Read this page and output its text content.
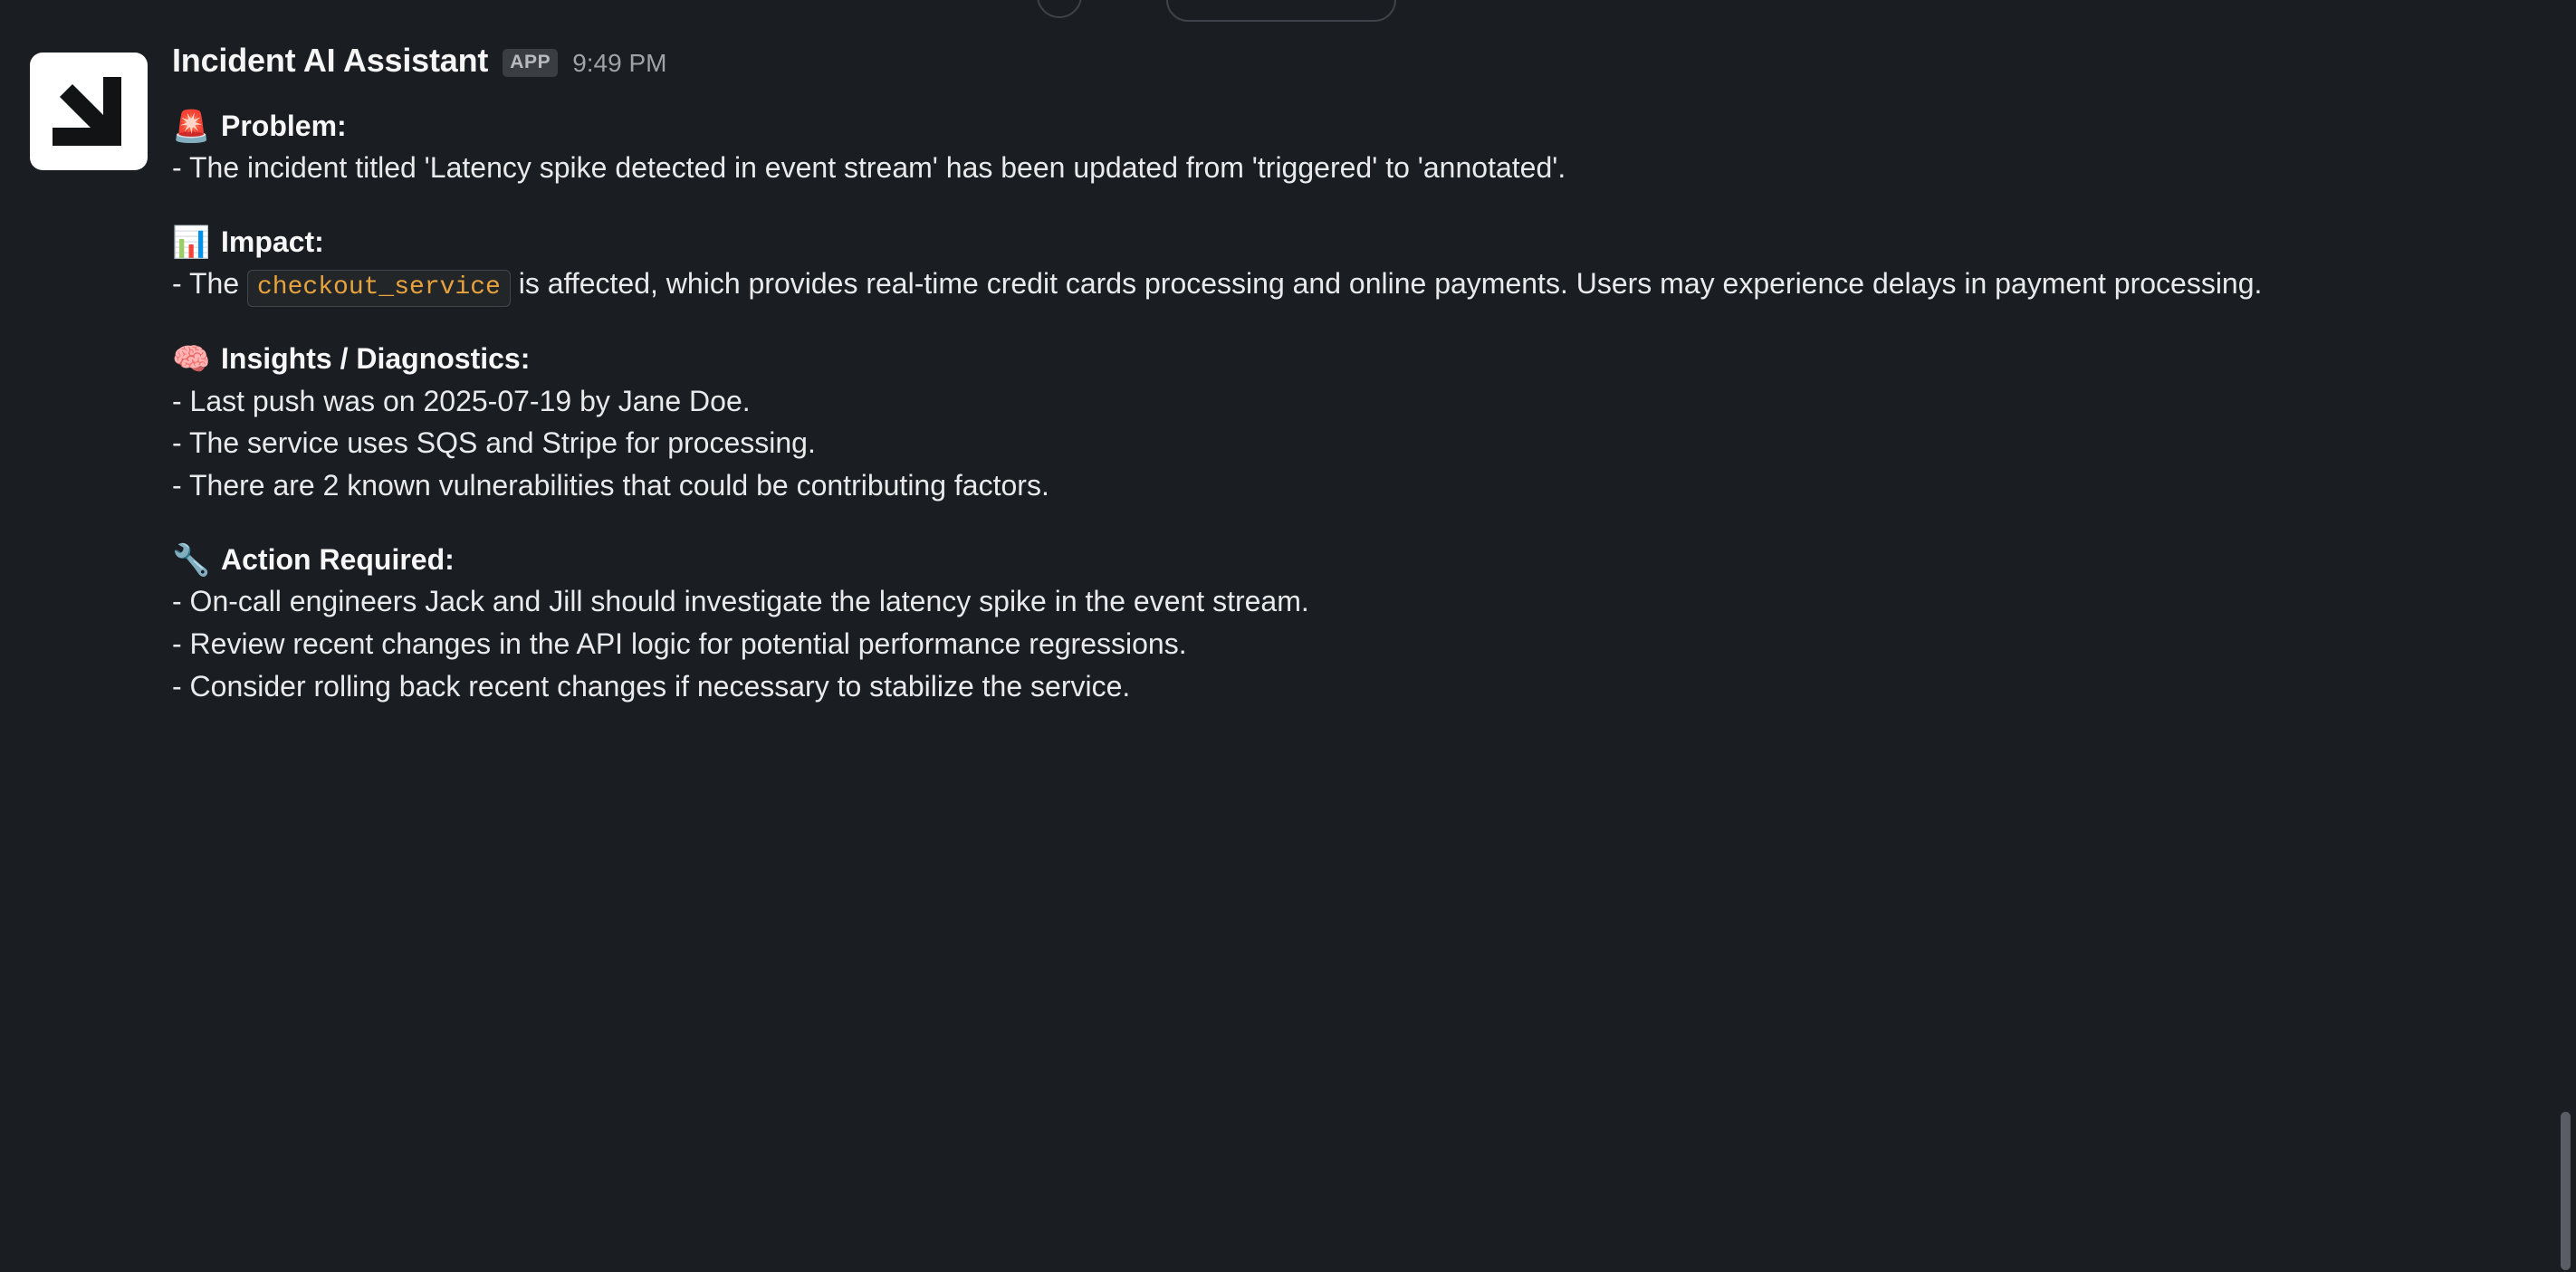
Incident AI Assistant	APP 9:49 PM
🚨 Problem:
- The incident titled 'Latency spike detected in event stream' has been updated from 'triggered' to 'annotated'.
📊 Impact:
- The checkout_service is affected, which provides real-time credit cards processing and online payments. Users may experience delays in payment processing.
🧠 Insights / Diagnostics:
- Last push was on 2025-07-19 by Jane Doe.
- The service uses SQS and Stripe for processing.
- There are 2 known vulnerabilities that could be contributing factors.
🔧 Action Required:
- On-call engineers Jack and Jill should investigate the latency spike in the event stream.
- Review recent changes in the API logic for potential performance regressions.
- Consider rolling back recent changes if necessary to stabilize the service.
